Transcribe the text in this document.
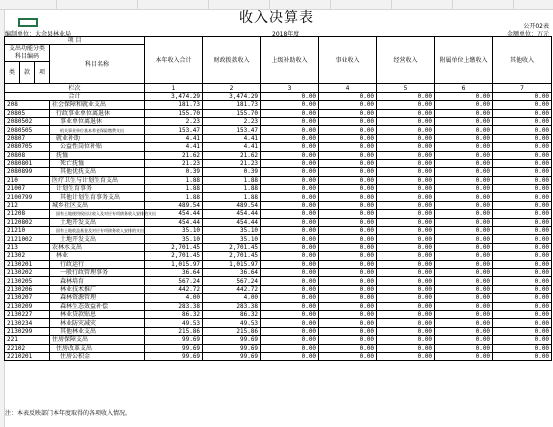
收入决算表
公开02表
编制单位：大余县林业局	2018年度	金额单位：万元
项 目				本年收入合计	财政拨款收入	上级补助收入	事业收入	经营收入	附属单位上缴收入	其他收入
支出功能分类科目编码			科目名称							

类	款	项								
栏次				1	2	3	4	5	6	7
合计				3,474.29	3,474.29	0.00	0.00	0.00	0.00	0.00
208			社会保障和就业支出	181.73	181.73	0.00	0.00	0.00	0.00	0.00
20805			行政事业单位离退休	155.70	155.70	0.00	0.00	0.00	0.00	0.00
2080502			事业单位离退休	2.23	2.23	0.00	0.00	0.00	0.00	0.00
2080505			机关事业单位基本养老保险缴费支出	153.47	153.47	0.00	0.00	0.00	0.00	0.00
20807			就业补助	4.41	4.41	0.00	0.00	0.00	0.00	0.00
2080705			公益性岗位补贴	4.41	4.41	0.00	0.00	0.00	0.00	0.00
20808			抚恤	21.62	21.62	0.00	0.00	0.00	0.00	0.00
2080801			死亡抚恤	21.23	21.23	0.00	0.00	0.00	0.00	0.00
2080899			其他优抚支出	0.39	0.39	0.00	0.00	0.00	0.00	0.00
210			医疗卫生与计划生育支出	1.88	1.88	0.00	0.00	0.00	0.00	0.00
21007			计划生育事务	1.88	1.88	0.00	0.00	0.00	0.00	0.00
2100799			其他计划生育事务支出	1.88	1.88	0.00	0.00	0.00	0.00	0.00
212			城乡社区支出	489.54	489.54	0.00	0.00	0.00	0.00	0.00
21208			国有土地使用权出让收入及对应专项债务收入安排的支出	454.44	454.44	0.00	0.00	0.00	0.00	0.00
2120802			土地开发支出	454.44	454.44	0.00	0.00	0.00	0.00	0.00
21210			国有土地收益基金及对应专项债务收入安排的支出	35.10	35.10	0.00	0.00	0.00	0.00	0.00
2121002			土地开发支出	35.10	35.10	0.00	0.00	0.00	0.00	0.00
213			农林水支出	2,701.45	2,701.45	0.00	0.00	0.00	0.00	0.00
21302			林业	2,701.45	2,701.45	0.00	0.00	0.00	0.00	0.00
2130201			行政运行	1,015.97	1,015.97	0.00	0.00	0.00	0.00	0.00
2130202			一般行政管理事务	36.64	36.64	0.00	0.00	0.00	0.00	0.00
2130205			森林培育	567.24	567.24	0.00	0.00	0.00	0.00	0.00
2130206			林业技术推广	442.72	442.72	0.00	0.00	0.00	0.00	0.00
2130207			森林资源管理	4.00	4.00	0.00	0.00	0.00	0.00	0.00
2130209			森林生态效益补偿	283.38	283.38	0.00	0.00	0.00	0.00	0.00
2130227			林业贷款贴息	86.32	86.32	0.00	0.00	0.00	0.00	0.00
2130234			林业防灾减灾	49.53	49.53	0.00	0.00	0.00	0.00	0.00
2130299			其他林业支出	215.86	215.86	0.00	0.00	0.00	0.00	0.00
221			住房保障支出	99.69	99.69	0.00	0.00	0.00	0.00	0.00
22102			住房改革支出	99.69	99.69	0.00	0.00	0.00	0.00	0.00
2210201			住房公积金	99.69	99.69	0.00	0.00	0.00	0.00	0.00
注：本表反映部门本年度取得的各项收入情况。
